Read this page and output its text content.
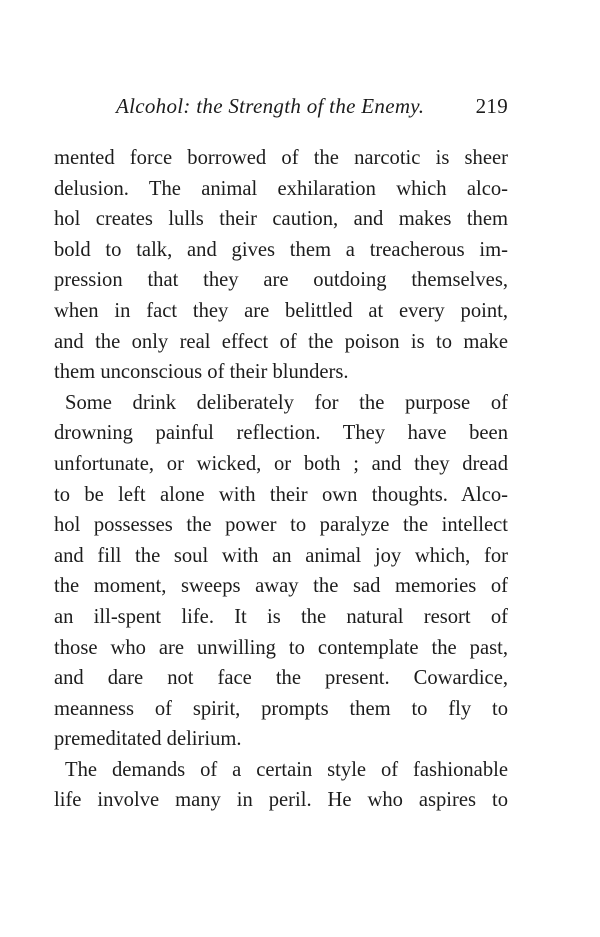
Alcohol: the Strength of the Enemy. 219
mented force borrowed of the narcotic is sheer
delusion. The animal exhilaration which alco-
hol creates lulls their caution, and makes them
bold to talk, and gives them a treacherous im-
pression that they are outdoing themselves,
when in fact they are belittled at every point,
and the only real effect of the poison is to make
them unconscious of their blunders.
Some drink deliberately for the purpose of
drowning painful reflection. They have been
unfortunate, or wicked, or both ; and they dread
to be left alone with their own thoughts. Alco-
hol possesses the power to paralyze the intellect
and fill the soul with an animal joy which, for
the moment, sweeps away the sad memories of
an ill-spent life. It is the natural resort of
those who are unwilling to contemplate the past,
and dare not face the present. Cowardice,
meanness of spirit, prompts them to fly to
premeditated delirium.
The demands of a certain style of fashionable
life involve many in peril. He who aspires to
